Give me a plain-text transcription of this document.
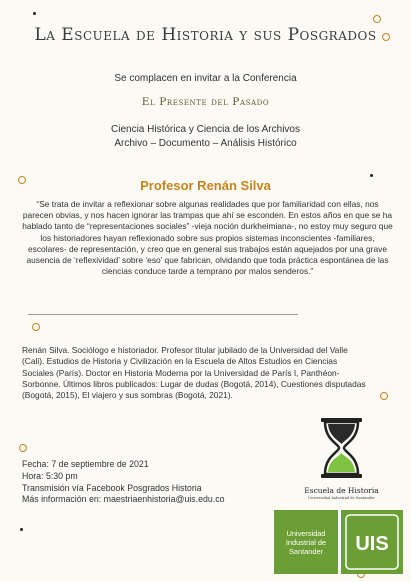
La Escuela de Historia y sus Posgrados
Se complacen en invitar a la Conferencia
El Presente del Pasado
Ciencia Histórica y Ciencia de los Archivos
Archivo – Documento – Análisis Histórico
Profesor Renán Silva
“Se trata de invitar a reflexionar sobre algunas realidades que por familiaridad con ellas, nos parecen obvias, y nos hacen ignorar las trampas que ahí se esconden. En estos años en que se ha hablado tanto de “representaciones sociales” -vieja noción durkheimiana-, no estoy muy seguro que los historiadores hayan reflexionado sobre sus propios sistemas inconscientes -familiares, escolares- de representación, y creo que en general sus trabajos están aquejados por una grave ausencia de ‘reflexividad’ sobre ‘eso’ que fabrican, olvidando que toda práctica espontánea de las ciencias conduce tarde a temprano por malos senderos.”
Renán Silva. Sociólogo e historiador. Profesor titular jubilado de la Universidad del Valle (Cali). Estudios de Historia y Civilización en la Escuela de Altos Estudios en Ciencias Sociales (París). Doctor en Historia Moderna por la Universidad de París I, Panthéon-Sorbonne. Últimos libros publicados: Lugar de dudas (Bogotá, 2014), Cuestiones disputadas (Bogotá, 2015), El viajero y sus sombras (Bogotá, 2021).
Fecha: 7 de septiembre de 2021
Hora: 5:30 pm
Transmisión vía Facebook Posgrados Historia
Más información en: maestriaenhistoria@uis.edu.co
Escuela de Historia
Universidad Industrial de Santander
Universidad Industrial de Santander	UIS
